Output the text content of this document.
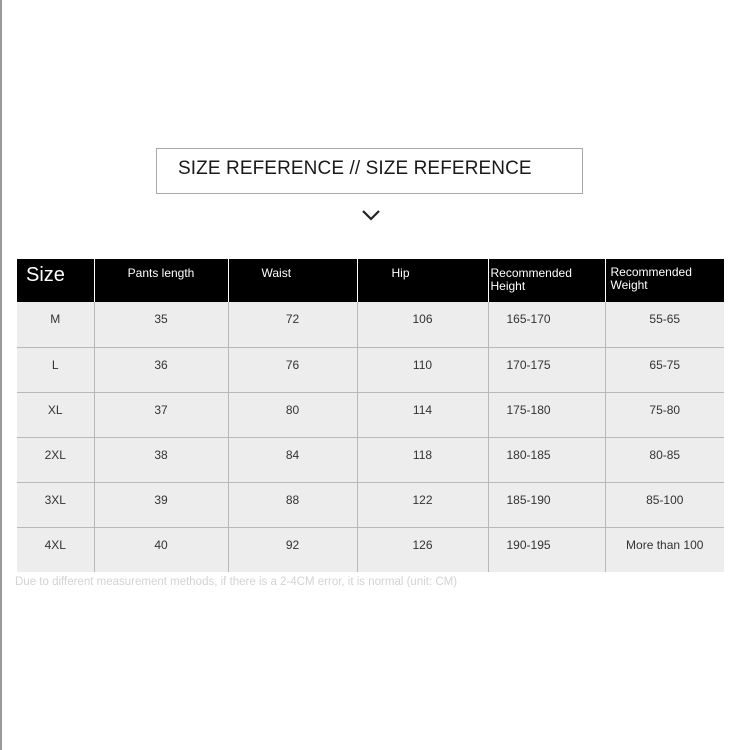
SIZE REFERENCE // SIZE REFERENCE
Size	Pants length	Waist	Hip	Recommended Height	Recommended Weight
M	35	72	106	165-170	55-65
L	36	76	110	170-175	65-75
XL	37	80	114	175-180	75-80
2XL	38	84	118	180-185	80-85
3XL	39	88	122	185-190	85-100
4XL	40	92	126	190-195	More than 100
Due to different measurement methods, if there is a 2-4CM error, it is normal (unit: CM)
